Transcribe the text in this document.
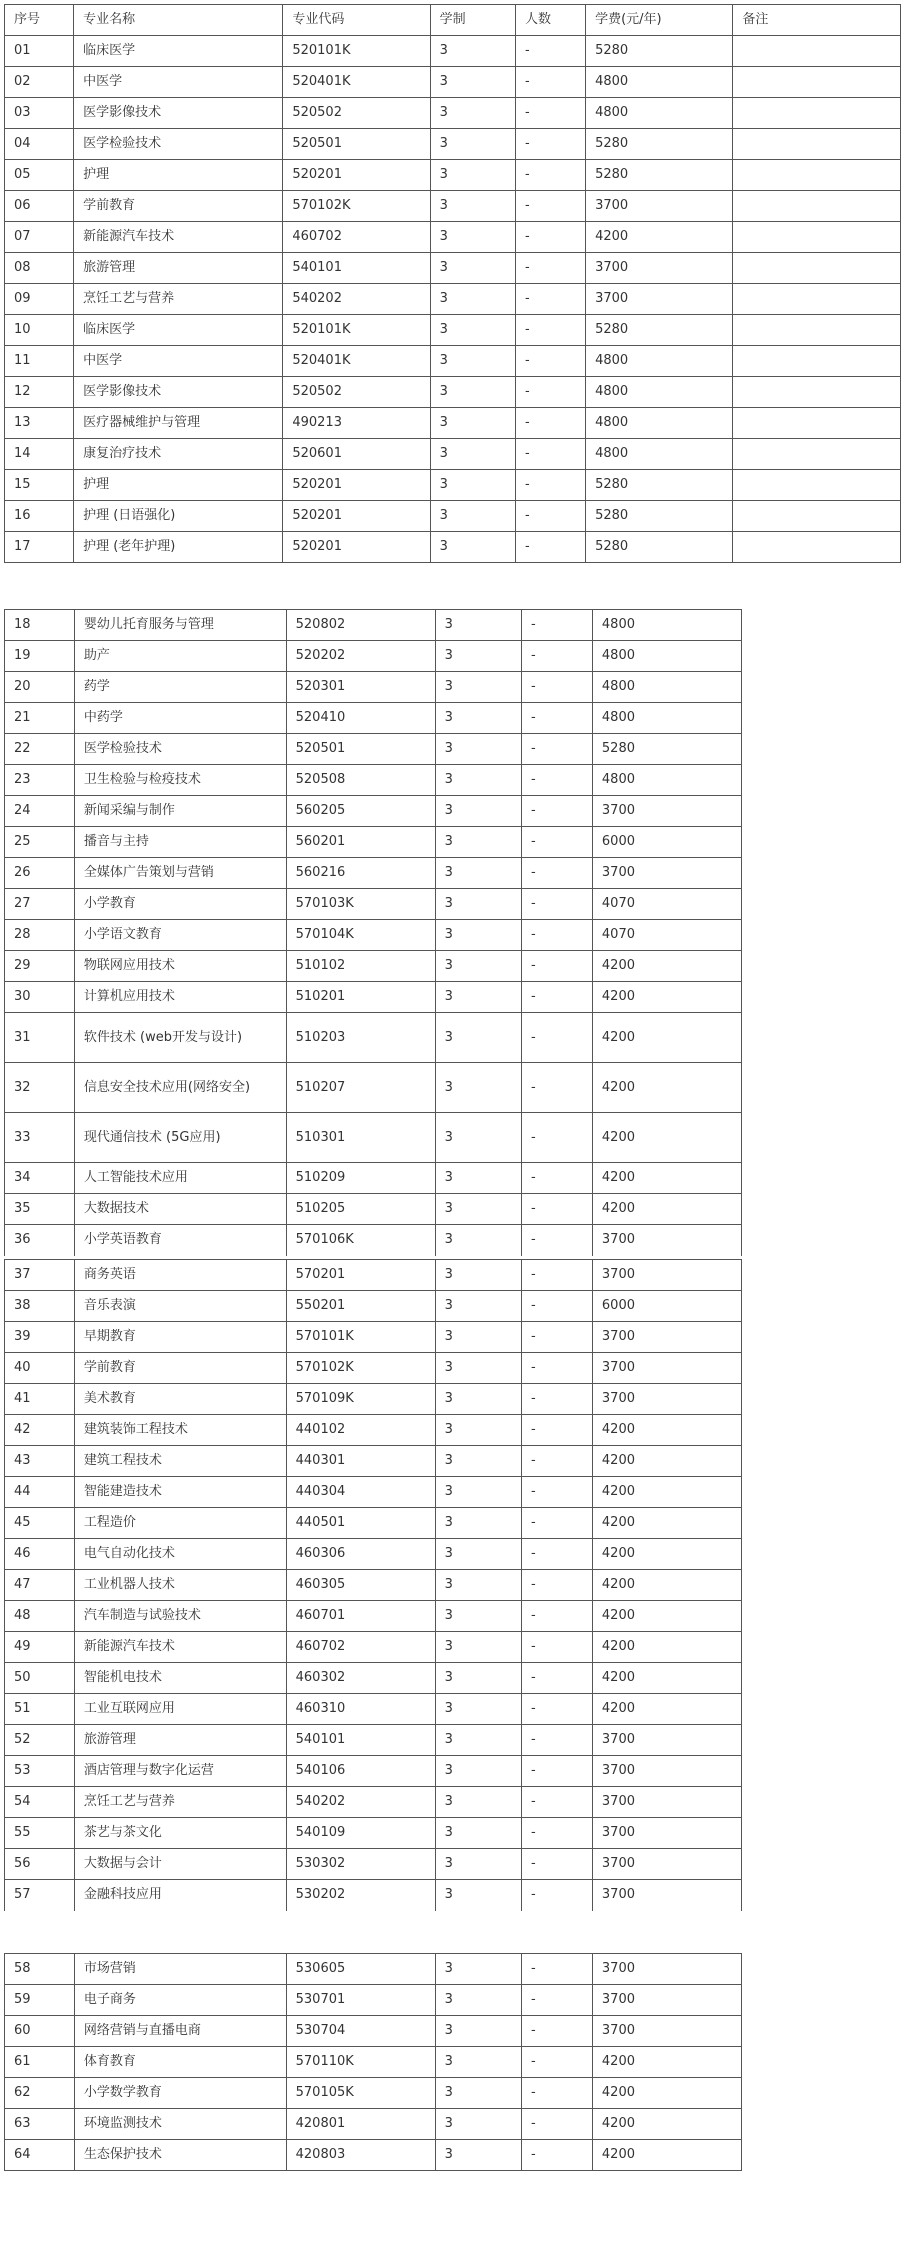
序号	专业名称	专业代码	学制	人数	学费(元/年)	备注
01	临床医学	520101K	3	-	5280	
02	中医学	520401K	3	-	4800	
03	医学影像技术	520502	3	-	4800	
04	医学检验技术	520501	3	-	5280	
05	护理	520201	3	-	5280	
06	学前教育	570102K	3	-	3700	
07	新能源汽车技术	460702	3	-	4200	
08	旅游管理	540101	3	-	3700	
09	烹饪工艺与营养	540202	3	-	3700	
10	临床医学	520101K	3	-	5280	
11	中医学	520401K	3	-	4800	
12	医学影像技术	520502	3	-	4800	
13	医疗器械维护与管理	490213	3	-	4800	
14	康复治疗技术	520601	3	-	4800	
15	护理	520201	3	-	5280	
16	护理 (日语强化)	520201	3	-	5280	
17	护理 (老年护理)	520201	3	-	5280	
18	婴幼儿托育服务与管理	520802	3	-	4800
19	助产	520202	3	-	4800
20	药学	520301	3	-	4800
21	中药学	520410	3	-	4800
22	医学检验技术	520501	3	-	5280
23	卫生检验与检疫技术	520508	3	-	4800
24	新闻采编与制作	560205	3	-	3700
25	播音与主持	560201	3	-	6000
26	全媒体广告策划与营销	560216	3	-	3700
27	小学教育	570103K	3	-	4070
28	小学语文教育	570104K	3	-	4070
29	物联网应用技术	510102	3	-	4200
30	计算机应用技术	510201	3	-	4200
31	软件技术 (web开发与设计)	510203	3	-	4200
32	信息安全技术应用(网络安全)	510207	3	-	4200
33	现代通信技术 (5G应用)	510301	3	-	4200
34	人工智能技术应用	510209	3	-	4200
35	大数据技术	510205	3	-	4200
36	小学英语教育	570106K	3	-	3700
37	商务英语	570201	3	-	3700
38	音乐表演	550201	3	-	6000
39	早期教育	570101K	3	-	3700
40	学前教育	570102K	3	-	3700
41	美术教育	570109K	3	-	3700
42	建筑装饰工程技术	440102	3	-	4200
43	建筑工程技术	440301	3	-	4200
44	智能建造技术	440304	3	-	4200
45	工程造价	440501	3	-	4200
46	电气自动化技术	460306	3	-	4200
47	工业机器人技术	460305	3	-	4200
48	汽车制造与试验技术	460701	3	-	4200
49	新能源汽车技术	460702	3	-	4200
50	智能机电技术	460302	3	-	4200
51	工业互联网应用	460310	3	-	4200
52	旅游管理	540101	3	-	3700
53	酒店管理与数字化运营	540106	3	-	3700
54	烹饪工艺与营养	540202	3	-	3700
55	茶艺与茶文化	540109	3	-	3700
56	大数据与会计	530302	3	-	3700
57	金融科技应用	530202	3	-	3700
58	市场营销	530605	3	-	3700
59	电子商务	530701	3	-	3700
60	网络营销与直播电商	530704	3	-	3700
61	体育教育	570110K	3	-	4200
62	小学数学教育	570105K	3	-	4200
63	环境监测技术	420801	3	-	4200
64	生态保护技术	420803	3	-	4200
